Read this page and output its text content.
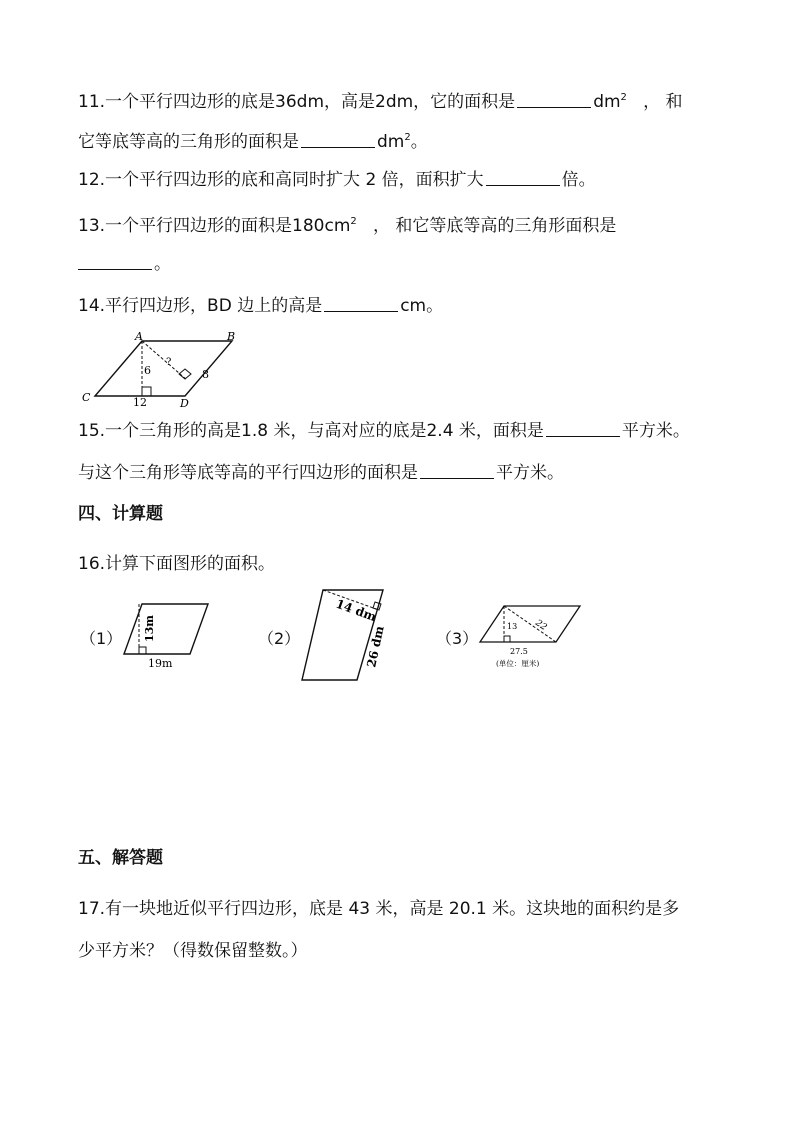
11.一个平行四边形的底是36dm，高是2dm，它的面积是	$dm^2$ ， 和
它等底等高的三角形的面积是	$dm^2$。
12.一个平行四边形的底和高同时扩大 2 倍，面积扩大	倍。
13.一个平行四边形的面积是$180cm^2$ ， 和它等底等高的三角形面积是
。
14.平行四边形，BD 边上的高是	cm。
A	B
C	D
6
12
8
?
15.一个三角形的高是1.8 米，与高对应的底是2.4 米，面积是	平方米。
与这个三角形等底等高的平行四边形的面积是	平方米。
四、计算题
16.计算下面图形的面积。
（1） 13m
19m
（2）
14 dm
26 dm	（3）
13 22
27.5
(单位：厘米)
五、解答题
17.有一块地近似平行四边形，底是 43 米，高是 20.1 米。这块地的面积约是多
少平方米？（得数保留整数。）
